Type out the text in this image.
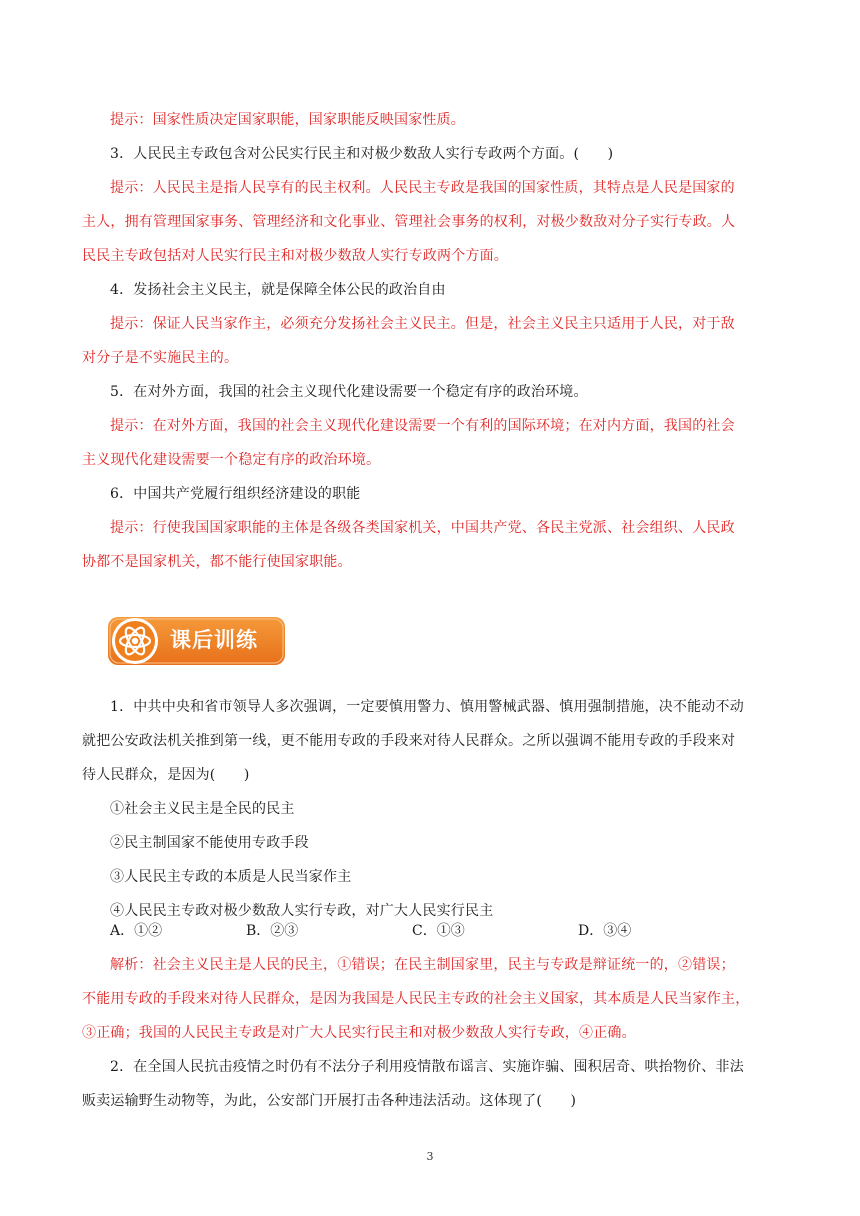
提示：国家性质决定国家职能，国家职能反映国家性质。
3．人民民主专政包含对公民实行民主和对极少数敌人实行专政两个方面。(　　)
提示：人民民主是指人民享有的民主权利。人民民主专政是我国的国家性质，其特点是人民是国家的
主人，拥有管理国家事务、管理经济和文化事业、管理社会事务的权利，对极少数敌对分子实行专政。人
民民主专政包括对人民实行民主和对极少数敌人实行专政两个方面。
4．发扬社会主义民主，就是保障全体公民的政治自由
提示：保证人民当家作主，必须充分发扬社会主义民主。但是，社会主义民主只适用于人民，对于敌
对分子是不实施民主的。
5．在对外方面，我国的社会主义现代化建设需要一个稳定有序的政治环境。
提示：在对外方面，我国的社会主义现代化建设需要一个有利的国际环境；在对内方面，我国的社会
主义现代化建设需要一个稳定有序的政治环境。
6．中国共产党履行组织经济建设的职能
提示：行使我国国家职能的主体是各级各类国家机关，中国共产党、各民主党派、社会组织、人民政
协都不是国家机关，都不能行使国家职能。
课后训练
1．中共中央和省市领导人多次强调，一定要慎用警力、慎用警械武器、慎用强制措施，决不能动不动
就把公安政法机关推到第一线，更不能用专政的手段来对待人民群众。之所以强调不能用专政的手段来对
待人民群众，是因为(　　)
①社会主义民主是全民的民主
②民主制国家不能使用专政手段
③人民民主专政的本质是人民当家作主
④人民民主专政对极少数敌人实行专政，对广大人民实行民主
A．①②	B．②③	C．①③	D．③④
解析：社会主义民主是人民的民主，①错误；在民主制国家里，民主与专政是辩证统一的，②错误；
不能用专政的手段来对待人民群众，是因为我国是人民民主专政的社会主义国家，其本质是人民当家作主，
③正确；我国的人民民主专政是对广大人民实行民主和对极少数敌人实行专政，④正确。
2．在全国人民抗击疫情之时仍有不法分子利用疫情散布谣言、实施诈骗、囤积居奇、哄抬物价、非法
贩卖运输野生动物等，为此，公安部门开展打击各种违法活动。这体现了(　　)
3
